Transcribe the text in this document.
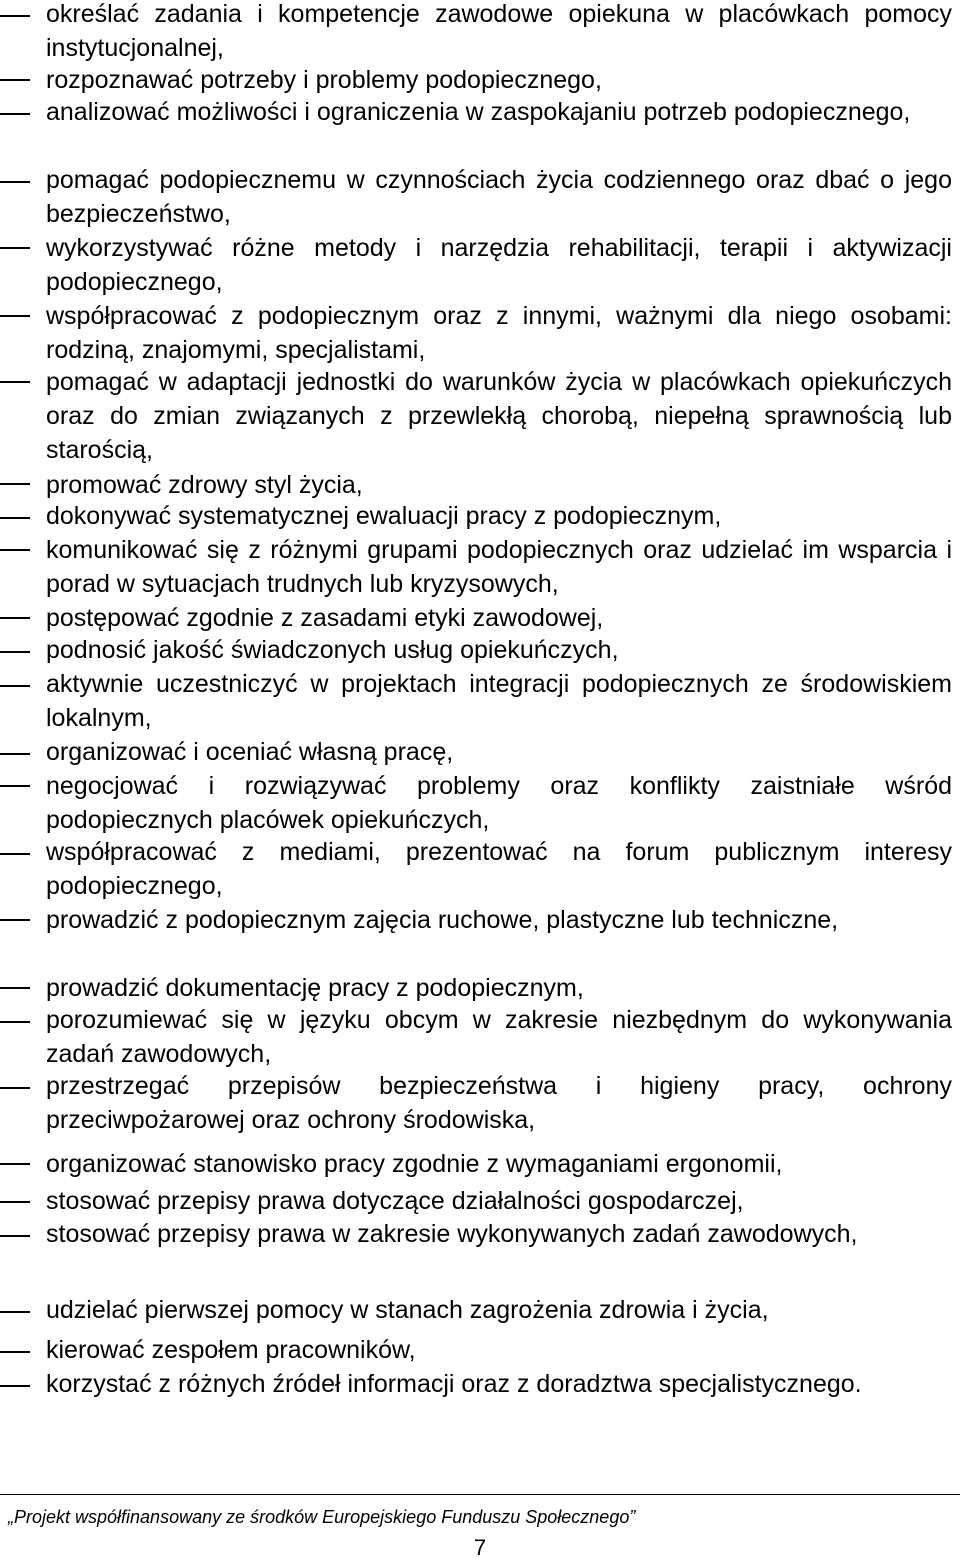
określać zadania i kompetencje zawodowe opiekuna w placówkach pomocy instytucjonalnej,
rozpoznawać potrzeby i problemy podopiecznego,
analizować możliwości i ograniczenia w zaspokajaniu potrzeb podopiecznego,
pomagać podopiecznemu w czynnościach życia codziennego oraz dbać o jego bezpieczeństwo,
wykorzystywać różne metody i narzędzia rehabilitacji, terapii i aktywizacji podopiecznego,
współpracować z podopiecznym oraz z innymi, ważnymi dla niego osobami: rodziną, znajomymi, specjalistami,
pomagać w adaptacji jednostki do warunków życia w placówkach opiekuńczych oraz do zmian związanych z przewlekłą chorobą, niepełną sprawnością lub starością,
promować zdrowy styl życia,
dokonywać systematycznej ewaluacji pracy z podopiecznym,
komunikować się z różnymi grupami podopiecznych oraz udzielać im wsparcia i porad w sytuacjach trudnych lub kryzysowych,
postępować zgodnie z zasadami etyki zawodowej,
podnosić jakość świadczonych usług opiekuńczych,
aktywnie uczestniczyć w projektach integracji podopiecznych ze środowiskiem lokalnym,
organizować i oceniać własną pracę,
negocjować i rozwiązywać problemy oraz konflikty zaistniałe wśród podopiecznych placówek opiekuńczych,
współpracować z mediami, prezentować na forum publicznym interesy podopiecznego,
prowadzić z podopiecznym zajęcia ruchowe, plastyczne lub techniczne,
prowadzić dokumentację pracy z podopiecznym,
porozumiewać się w języku obcym w zakresie niezbędnym do wykonywania zadań zawodowych,
przestrzegać przepisów bezpieczeństwa i higieny pracy, ochrony przeciwpożarowej oraz ochrony środowiska,
organizować stanowisko pracy zgodnie z wymaganiami ergonomii,
stosować przepisy prawa dotyczące działalności gospodarczej,
stosować przepisy prawa w zakresie wykonywanych zadań zawodowych,
udzielać pierwszej pomocy w stanach zagrożenia zdrowia i życia,
kierować zespołem pracowników,
korzystać z różnych źródeł informacji oraz z doradztwa specjalistycznego.
„Projekt współfinansowany ze środków Europejskiego Funduszu Społecznego”
7
